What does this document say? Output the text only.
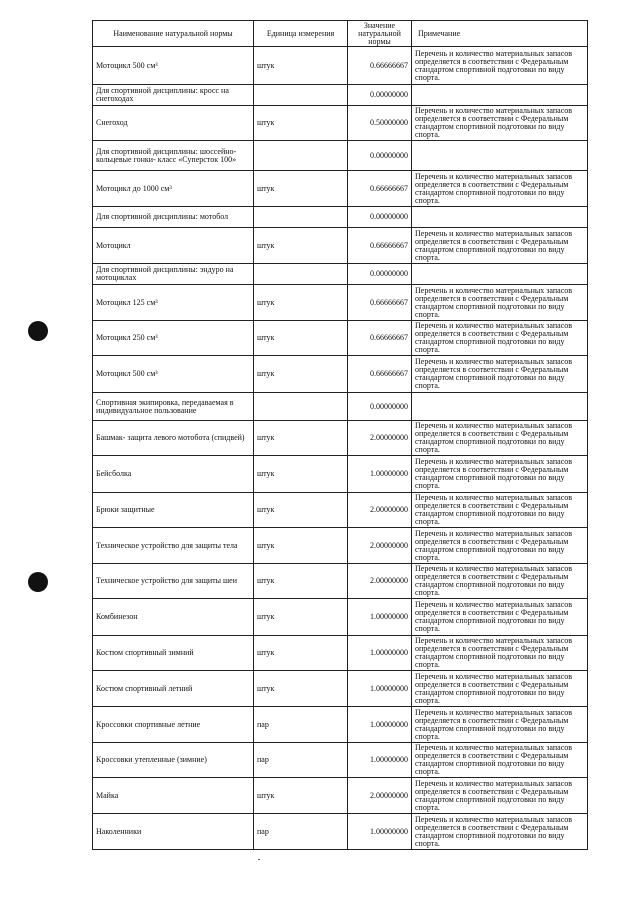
Наименование натуральной нормы	Единица измерения	Значение натуральной нормы	Примечание
Мотоцикл 500 см³	штук	0.66666667	Перечень и количество материальных запасов определяется в соответствии с Федеральным стандартом спортивной подготовки по виду спорта.
Для спортивной дисциплины: кросс на снегоходах		0.00000000	
Снегоход	штук	0.50000000	Перечень и количество материальных запасов определяется в соответствии с Федеральным стандартом спортивной подготовки по виду спорта.
Для спортивной дисциплины: шоссейно-кольцевые гонки- класс «Суперсток 100»		0.00000000	
Мотоцикл до 1000 см³	штук	0.66666667	Перечень и количество материальных запасов определяется в соответствии с Федеральным стандартом спортивной подготовки по виду спорта.
Для спортивной дисциплины: мотобол		0.00000000	
Мотоцикл	штук	0.66666667	Перечень и количество материальных запасов определяется в соответствии с Федеральным стандартом спортивной подготовки по виду спорта.
Для спортивной дисциплины: эндуро на мотоциклах		0.00000000	
Мотоцикл 125 см³	штук	0.66666667	Перечень и количество материальных запасов определяется в соответствии с Федеральным стандартом спортивной подготовки по виду спорта.
Мотоцикл 250 см³	штук	0.66666667	Перечень и количество материальных запасов определяется в соответствии с Федеральным стандартом спортивной подготовки по виду спорта.
Мотоцикл 500 см³	штук	0.66666667	Перечень и количество материальных запасов определяется в соответствии с Федеральным стандартом спортивной подготовки по виду спорта.
Спортивная экипировка, передаваемая в индивидуальное пользование		0.00000000	
Башмак- защита левого мотобота (спидвей)	штук	2.00000000	Перечень и количество материальных запасов определяется в соответствии с Федеральным стандартом спортивной подготовки по виду спорта.
Бейсболка	штук	1.00000000	Перечень и количество материальных запасов определяется в соответствии с Федеральным стандартом спортивной подготовки по виду спорта.
Брюки защитные	штук	2.00000000	Перечень и количество материальных запасов определяется в соответствии с Федеральным стандартом спортивной подготовки по виду спорта.
Техническое устройство для защиты тела	штук	2.00000000	Перечень и количество материальных запасов определяется в соответствии с Федеральным стандартом спортивной подготовки по виду спорта.
Техническое устройство для защиты шеи	штук	2.00000000	Перечень и количество материальных запасов определяется в соответствии с Федеральным стандартом спортивной подготовки по виду спорта.
Комбинезон	штук	1.00000000	Перечень и количество материальных запасов определяется в соответствии с Федеральным стандартом спортивной подготовки по виду спорта.
Костюм спортивный зимний	штук	1.00000000	Перечень и количество материальных запасов определяется в соответствии с Федеральным стандартом спортивной подготовки по виду спорта.
Костюм спортивный летний	штук	1.00000000	Перечень и количество материальных запасов определяется в соответствии с Федеральным стандартом спортивной подготовки по виду спорта.
Кроссовки спортивные летние	пар	1.00000000	Перечень и количество материальных запасов определяется в соответствии с Федеральным стандартом спортивной подготовки по виду спорта.
Кроссовки утепленные (зимние)	пар	1.00000000	Перечень и количество материальных запасов определяется в соответствии с Федеральным стандартом спортивной подготовки по виду спорта.
Майка	штук	2.00000000	Перечень и количество материальных запасов определяется в соответствии с Федеральным стандартом спортивной подготовки по виду спорта.
Наколенники	пар	1.00000000	Перечень и количество материальных запасов определяется в соответствии с Федеральным стандартом спортивной подготовки по виду спорта.
